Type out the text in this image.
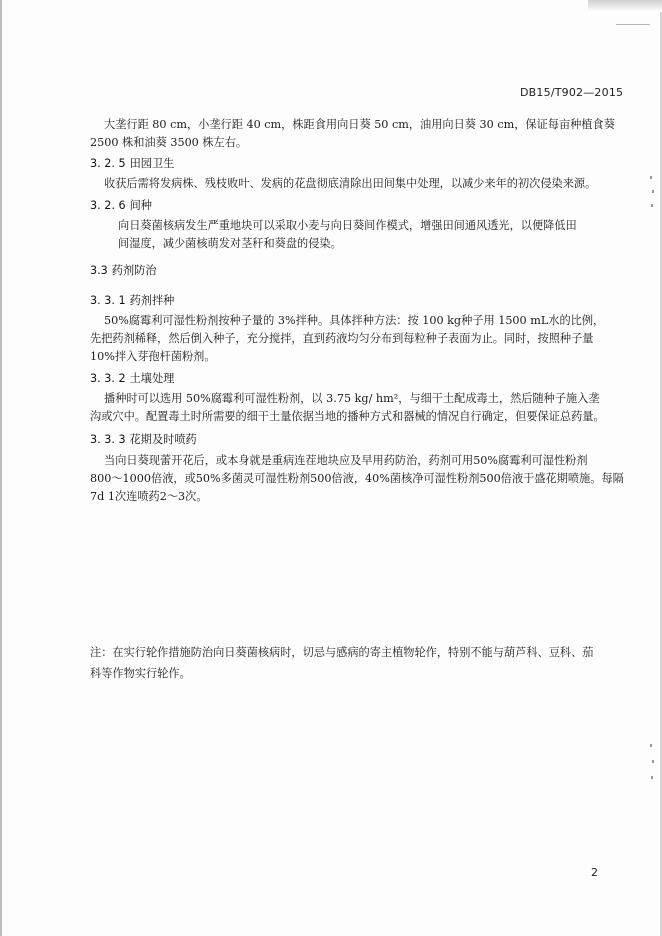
DB15/T902—2015
大垄行距 80 cm，小垄行距 40 cm，株距食用向日葵 50 cm，油用向日葵 30 cm，保证每亩种植食葵
2500 株和油葵 3500 株左右。
3. 2. 5 田园卫生
收获后需将发病株、残枝败叶、发病的花盘彻底清除出田间集中处理，以减少来年的初次侵染来源。
3. 2. 6 间种
向日葵菌核病发生严重地块可以采取小麦与向日葵间作模式，增强田间通风透光，以便降低田
间湿度，减少菌核萌发对茎秆和葵盘的侵染。
3.3 药剂防治
3. 3. 1 药剂拌种
50%腐霉利可湿性粉剂按种子量的 3%拌种。具体拌种方法：按 100 kg种子用 1500 mL水的比例，
先把药剂稀释，然后倒入种子，充分搅拌，直到药液均匀分布到每粒种子表面为止。同时，按照种子量
10%拌入芽孢杆菌粉剂。
3. 3. 2 土壤处理
播种时可以选用 50%腐霉利可湿性粉剂，以 3.75 kg/ hm²，与细干土配成毒土，然后随种子施入垄
沟或穴中。配置毒土时所需要的细干土量依据当地的播种方式和器械的情况自行确定，但要保证总药量。
3. 3. 3 花期及时喷药
当向日葵现蕾开花后，或本身就是重病连茬地块应及早用药防治，药剂可用50%腐霉利可湿性粉剂
800～1000倍液，或50%多菌灵可湿性粉剂500倍液，40%菌核净可湿性粉剂500倍液于盛花期喷施。每隔
7d 1次连喷药2～3次。
注：在实行轮作措施防治向日葵菌核病时，切忌与感病的寄主植物轮作，特别不能与葫芦科、豆科、茄
科等作物实行轮作。
2
